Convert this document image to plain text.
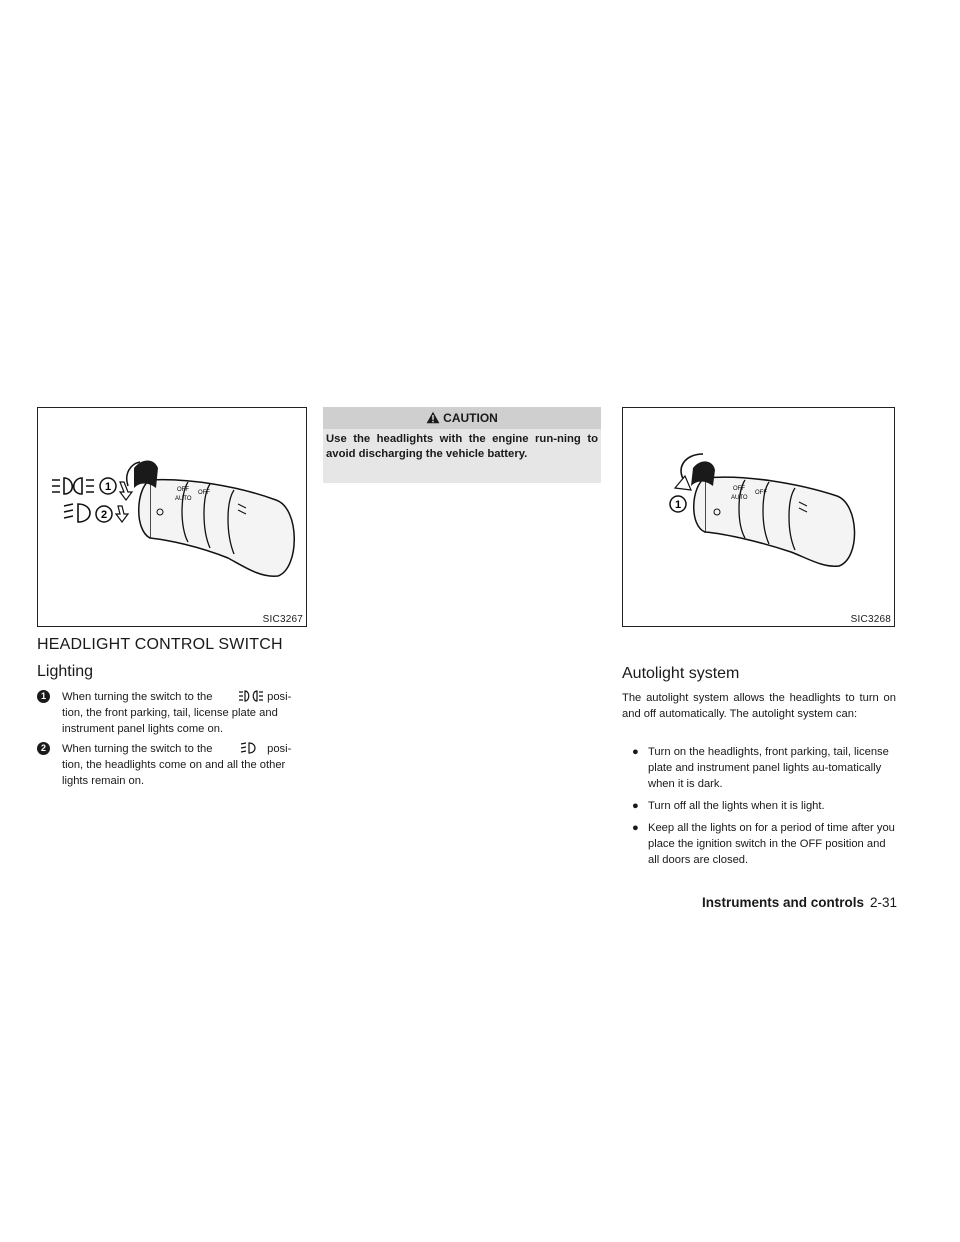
OFF
AUTO
OFF
1
2
SIC3267
HEADLIGHT CONTROL SWITCH
Lighting
1	When turning the switch to the	posi- tion, the front parking, tail, license plate and instrument panel lights come on.
2	When turning the switch to the	posi- tion, the headlights come on and all the other lights remain on.
CAUTION
Use the headlights with the engine run-ning to avoid discharging the vehicle battery.
OFF
AUTO
OFF
1
SIC3268
Autolight system

The autolight system allows the headlights to turn on and off automatically. The autolight system can:

● Turn on the headlights, front parking, tail, license plate and instrument panel lights au-tomatically when it is dark.
● Turn off all the lights when it is light.
● Keep all the lights on for a period of time after you place the ignition switch in the OFF position and all doors are closed.
Instruments and controls 2-31
